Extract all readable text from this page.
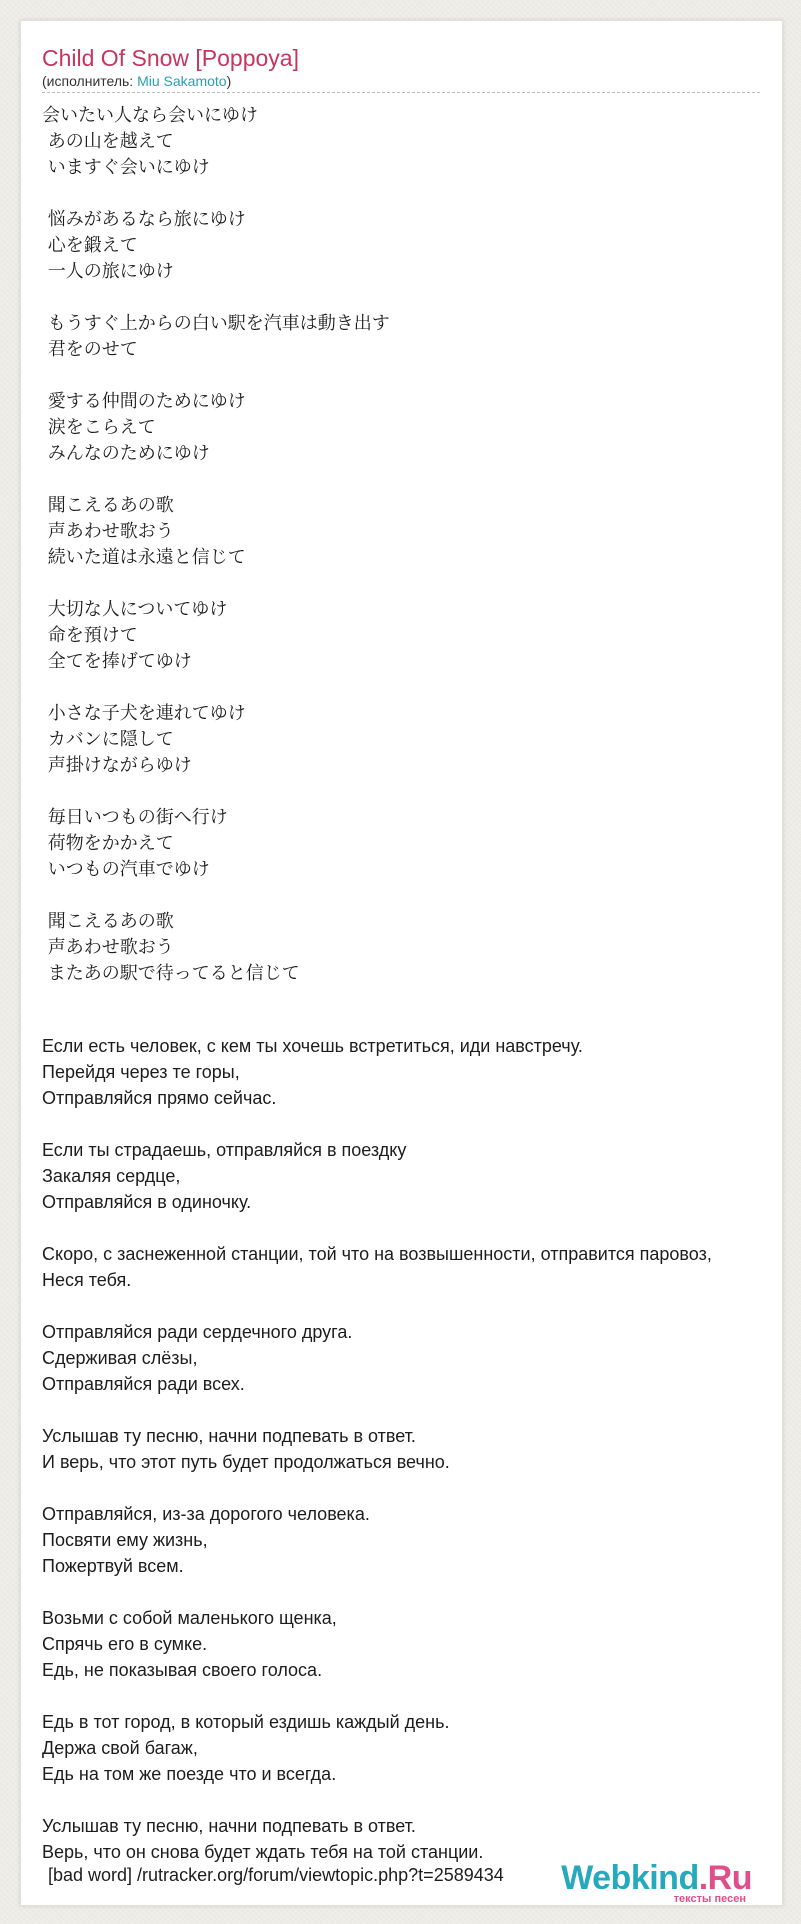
Child Of Snow [Poppoya]
(исполнитель: Miu Sakamoto)
会いたい人なら会いにゆけ
あの山を越えて
いますぐ会いにゆけ
悩みがあるなら旅にゆけ
心を鍛えて
一人の旅にゆけ
もうすぐ上からの白い駅を汽車は動き出す
君をのせて
愛する仲間のためにゆけ
涙をこらえて
みんなのためにゆけ
聞こえるあの歌
声あわせ歌おう
続いた道は永遠と信じて
大切な人についてゆけ
命を預けて
全てを捧げてゆけ
小さな子犬を連れてゆけ
カバンに隠して
声掛けながらゆけ
毎日いつもの街へ行け
荷物をかかえて
いつもの汽車でゆけ
聞こえるあの歌
声あわせ歌おう
またあの駅で待ってると信じて
Если есть человек, с кем ты хочешь встретиться, иди навстречу.
Перейдя через те горы,
Отправляйся прямо сейчас.
Если ты страдаешь, отправляйся в поездку
Закаляя сердце,
Отправляйся в одиночку.
Скоро, с заснеженной станции, той что на возвышенности, отправится паровоз,
Неся тебя.
Отправляйся ради сердечного друга.
Сдерживая слёзы,
Отправляйся ради всех.
Услышав ту песню, начни подпевать в ответ.
И верь, что этот путь будет продолжаться вечно.
Отправляйся, из-за дорогого человека.
Посвяти ему жизнь,
Пожертвуй всем.
Возьми с собой маленького щенка,
Спрячь его в сумке.
Едь, не показывая своего голоса.
Едь в тот город, в который ездишь каждый день.
Держа свой багаж,
Едь на том же поезде что и всегда.
Услышав ту песню, начни подпевать в ответ.
Верь, что он снова будет ждать тебя на той станции.
[bad word] /rutracker.org/forum/viewtopic.php?t=2589434 Webkind.Ru
тексты песен
